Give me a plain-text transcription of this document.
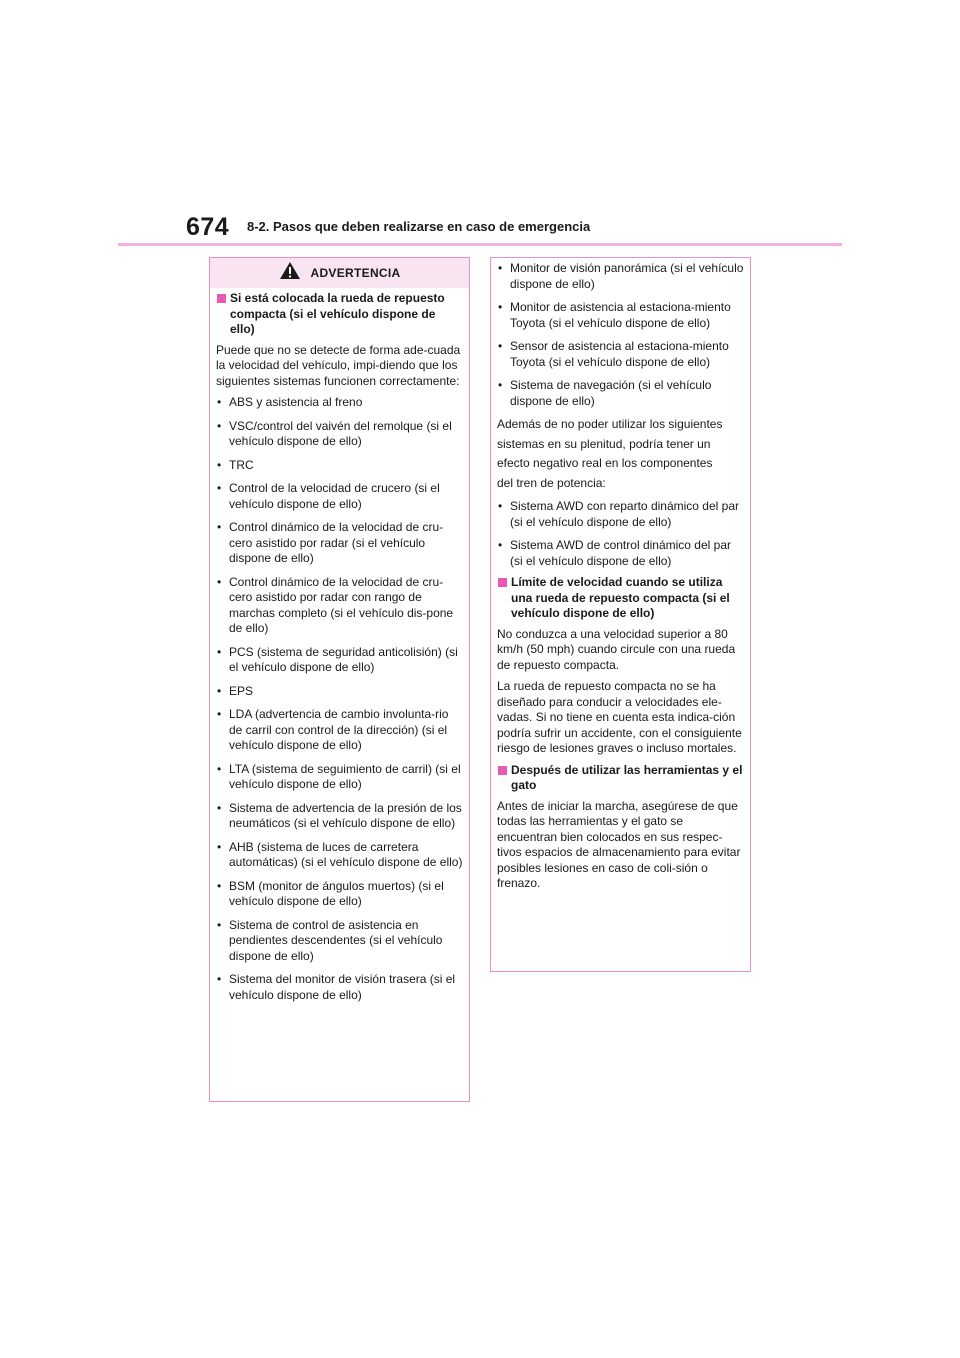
674 8-2. Pasos que deben realizarse en caso de emergencia
ADVERTENCIA
Si está colocada la rueda de repuesto compacta (si el vehículo dispone de ello)

Puede que no se detecte de forma ade-cuada la velocidad del vehículo, impi-diendo que los siguientes sistemas funcionen correctamente:

• ABS y asistencia al freno
• VSC/control del vaivén del remolque (si el vehículo dispone de ello)
• TRC
• Control de la velocidad de crucero (si el vehículo dispone de ello)
• Control dinámico de la velocidad de cru-cero asistido por radar (si el vehículo dispone de ello)
• Control dinámico de la velocidad de cru-cero asistido por radar con rango de marchas completo (si el vehículo dis-pone de ello)
• PCS (sistema de seguridad anticolisión) (si el vehículo dispone de ello)
• EPS
• LDA (advertencia de cambio involunta-rio de carril con control de la dirección) (si el vehículo dispone de ello)
• LTA (sistema de seguimiento de carril) (si el vehículo dispone de ello)
• Sistema de advertencia de la presión de los neumáticos (si el vehículo dispone de ello)
• AHB (sistema de luces de carretera automáticas) (si el vehículo dispone de ello)
• BSM (monitor de ángulos muertos) (si el vehículo dispone de ello)
• Sistema de control de asistencia en pendientes descendentes (si el vehículo dispone de ello)
• Sistema del monitor de visión trasera (si el vehículo dispone de ello)
• Monitor de visión panorámica (si el vehículo dispone de ello)
• Monitor de asistencia al estaciona-miento Toyota (si el vehículo dispone de ello)
• Sensor de asistencia al estaciona-miento Toyota (si el vehículo dispone de ello)
• Sistema de navegación (si el vehículo dispone de ello)

Además de no poder utilizar los siguientes

sistemas en su plenitud, podría tener un

efecto negativo real en los componentes

del tren de potencia:

• Sistema AWD con reparto dinámico del par (si el vehículo dispone de ello)
• Sistema AWD de control dinámico del par (si el vehículo dispone de ello)
Límite de velocidad cuando se utiliza una rueda de repuesto compacta (si el vehículo dispone de ello)

No conduzca a una velocidad superior a 80 km/h (50 mph) cuando circule con una rueda de repuesto compacta.

La rueda de repuesto compacta no se ha diseñado para conducir a velocidades ele-vadas. Si no tiene en cuenta esta indica-ción podría sufrir un accidente, con el consiguiente riesgo de lesiones graves o incluso mortales.

Después de utilizar las herramientas y el gato

Antes de iniciar la marcha, asegúrese de que todas las herramientas y el gato se encuentran bien colocados en sus respec-tivos espacios de almacenamiento para evitar posibles lesiones en caso de coli-sión o frenazo.
